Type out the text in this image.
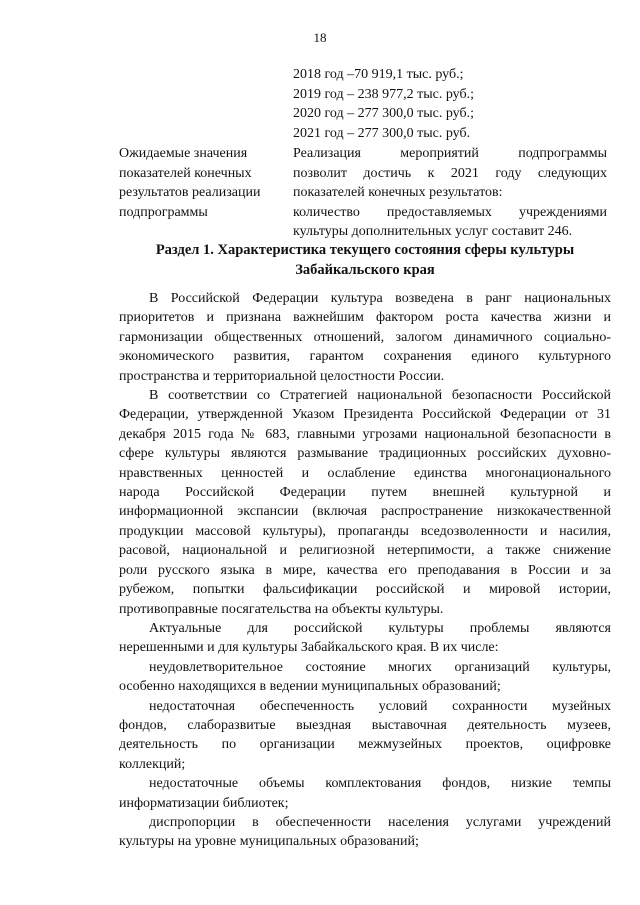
18
2018 год –70 919,1 тыс. руб.;
2019 год – 238 977,2 тыс. руб.;
2020 год – 277 300,0 тыс. руб.;
2021 год – 277 300,0 тыс. руб.
Ожидаемые значения показателей конечных результатов реализации подпрограммы
Реализация мероприятий подпрограммы
позволит достичь к 2021 году следующих
показателей конечных результатов:
количество предоставляемых учреждениями
культуры дополнительных услуг составит 246.
Раздел 1. Характеристика текущего состояния сферы культуры
Забайкальского края
В Российской Федерации культура возведена в ранг национальных
приоритетов и признана важнейшим фактором роста качества жизни и
гармонизации общественных отношений, залогом динамичного социально-
экономического развития, гарантом сохранения единого культурного
пространства и территориальной целостности России.
В соответствии со Стратегией национальной безопасности Российской
Федерации, утвержденной Указом Президента Российской Федерации от 31
декабря 2015 года № 683, главными угрозами национальной безопасности в
сфере культуры являются размывание традиционных российских духовно-
нравственных ценностей и ослабление единства многонационального
народа Российской Федерации путем внешней культурной и
информационной экспансии (включая распространение низкокачественной
продукции массовой культуры), пропаганды вседозволенности и насилия,
расовой, национальной и религиозной нетерпимости, а также снижение
роли русского языка в мире, качества его преподавания в России и за
рубежом, попытки фальсификации российской и мировой истории,
противоправные посягательства на объекты культуры.
Актуальные для российской культуры проблемы являются
нерешенными и для культуры Забайкальского края. В их числе:
неудовлетворительное состояние многих организаций культуры,
особенно находящихся в ведении муниципальных образований;
недостаточная обеспеченность условий сохранности музейных
фондов, слаборазвитые выездная выставочная деятельность музеев,
деятельность по организации межмузейных проектов, оцифровке
коллекций;
недостаточные объемы комплектования фондов, низкие темпы
информатизации библиотек;
диспропорции в обеспеченности населения услугами учреждений
культуры на уровне муниципальных образований;
